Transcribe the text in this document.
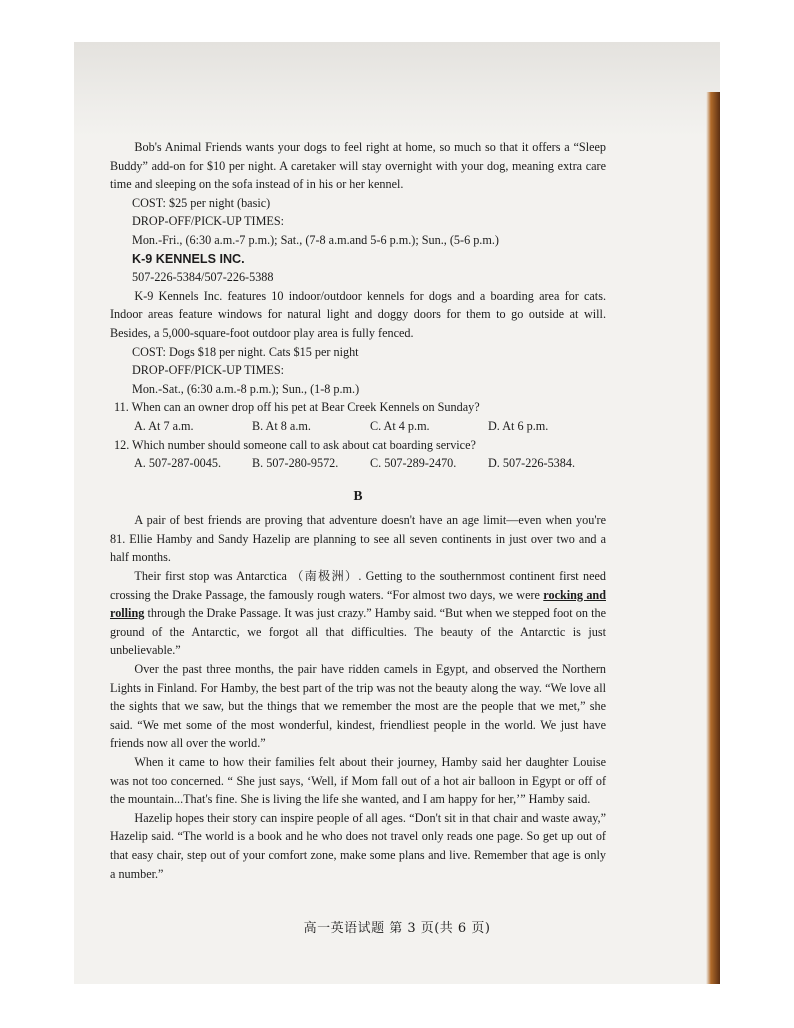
Bob's Animal Friends wants your dogs to feel right at home, so much so that it offers a “Sleep Buddy” add-on for $10 per night. A caretaker will stay overnight with your dog, meaning extra care time and sleeping on the sofa instead of in his or her kennel.

COST: $25 per night (basic)

DROP-OFF/PICK-UP TIMES:

Mon.-Fri., (6:30 a.m.-7 p.m.); Sat., (7-8 a.m.and 5-6 p.m.); Sun., (5-6 p.m.)

K-9 KENNELS INC.

507-226-5384/507-226-5388

K-9 Kennels Inc. features 10 indoor/outdoor kennels for dogs and a boarding area for cats. Indoor areas feature windows for natural light and doggy doors for them to go outside at will. Besides, a 5,000-square-foot outdoor play area is fully fenced.

COST: Dogs $18 per night. Cats $15 per night

DROP-OFF/PICK-UP TIMES:

Mon.-Sat., (6:30 a.m.-8 p.m.); Sun., (1-8 p.m.)

11. When can an owner drop off his pet at Bear Creek Kennels on Sunday?

A. At 7 a.m.	B. At 8 a.m.	C. At 4 p.m.	D. At 6 p.m.

12. Which number should someone call to ask about cat boarding service?

A. 507-287-0045.	B. 507-280-9572.	C. 507-289-2470.	D. 507-226-5384.
B

A pair of best friends are proving that adventure doesn't have an age limit—even when you're 81. Ellie Hamby and Sandy Hazelip are planning to see all seven continents in just over two and a half months.

Their first stop was Antarctica （南极洲）. Getting to the southernmost continent first need crossing the Drake Passage, the famously rough waters. “For almost two days, we were rocking and rolling through the Drake Passage. It was just crazy.” Hamby said. “But when we stepped foot on the ground of the Antarctic, we forgot all that difficulties. The beauty of the Antarctic is just unbelievable.”

Over the past three months, the pair have ridden camels in Egypt, and observed the Northern Lights in Finland. For Hamby, the best part of the trip was not the beauty along the way. “We love all the sights that we saw, but the things that we remember the most are the people that we met,” she said. “We met some of the most wonderful, kindest, friendliest people in the world. We just have friends now all over the world.”

When it came to how their families felt about their journey, Hamby said her daughter Louise was not too concerned. “ She just says, ‘Well, if Mom fall out of a hot air balloon in Egypt or off of the mountain...That's fine. She is living the life she wanted, and I am happy for her,’” Hamby said.

Hazelip hopes their story can inspire people of all ages. “Don't sit in that chair and waste away,” Hazelip said. “The world is a book and he who does not travel only reads one page. So get up out of that easy chair, step out of your comfort zone, make some plans and live. Remember that age is only a number.”

高一英语试题 第 3 页(共 6 页)
